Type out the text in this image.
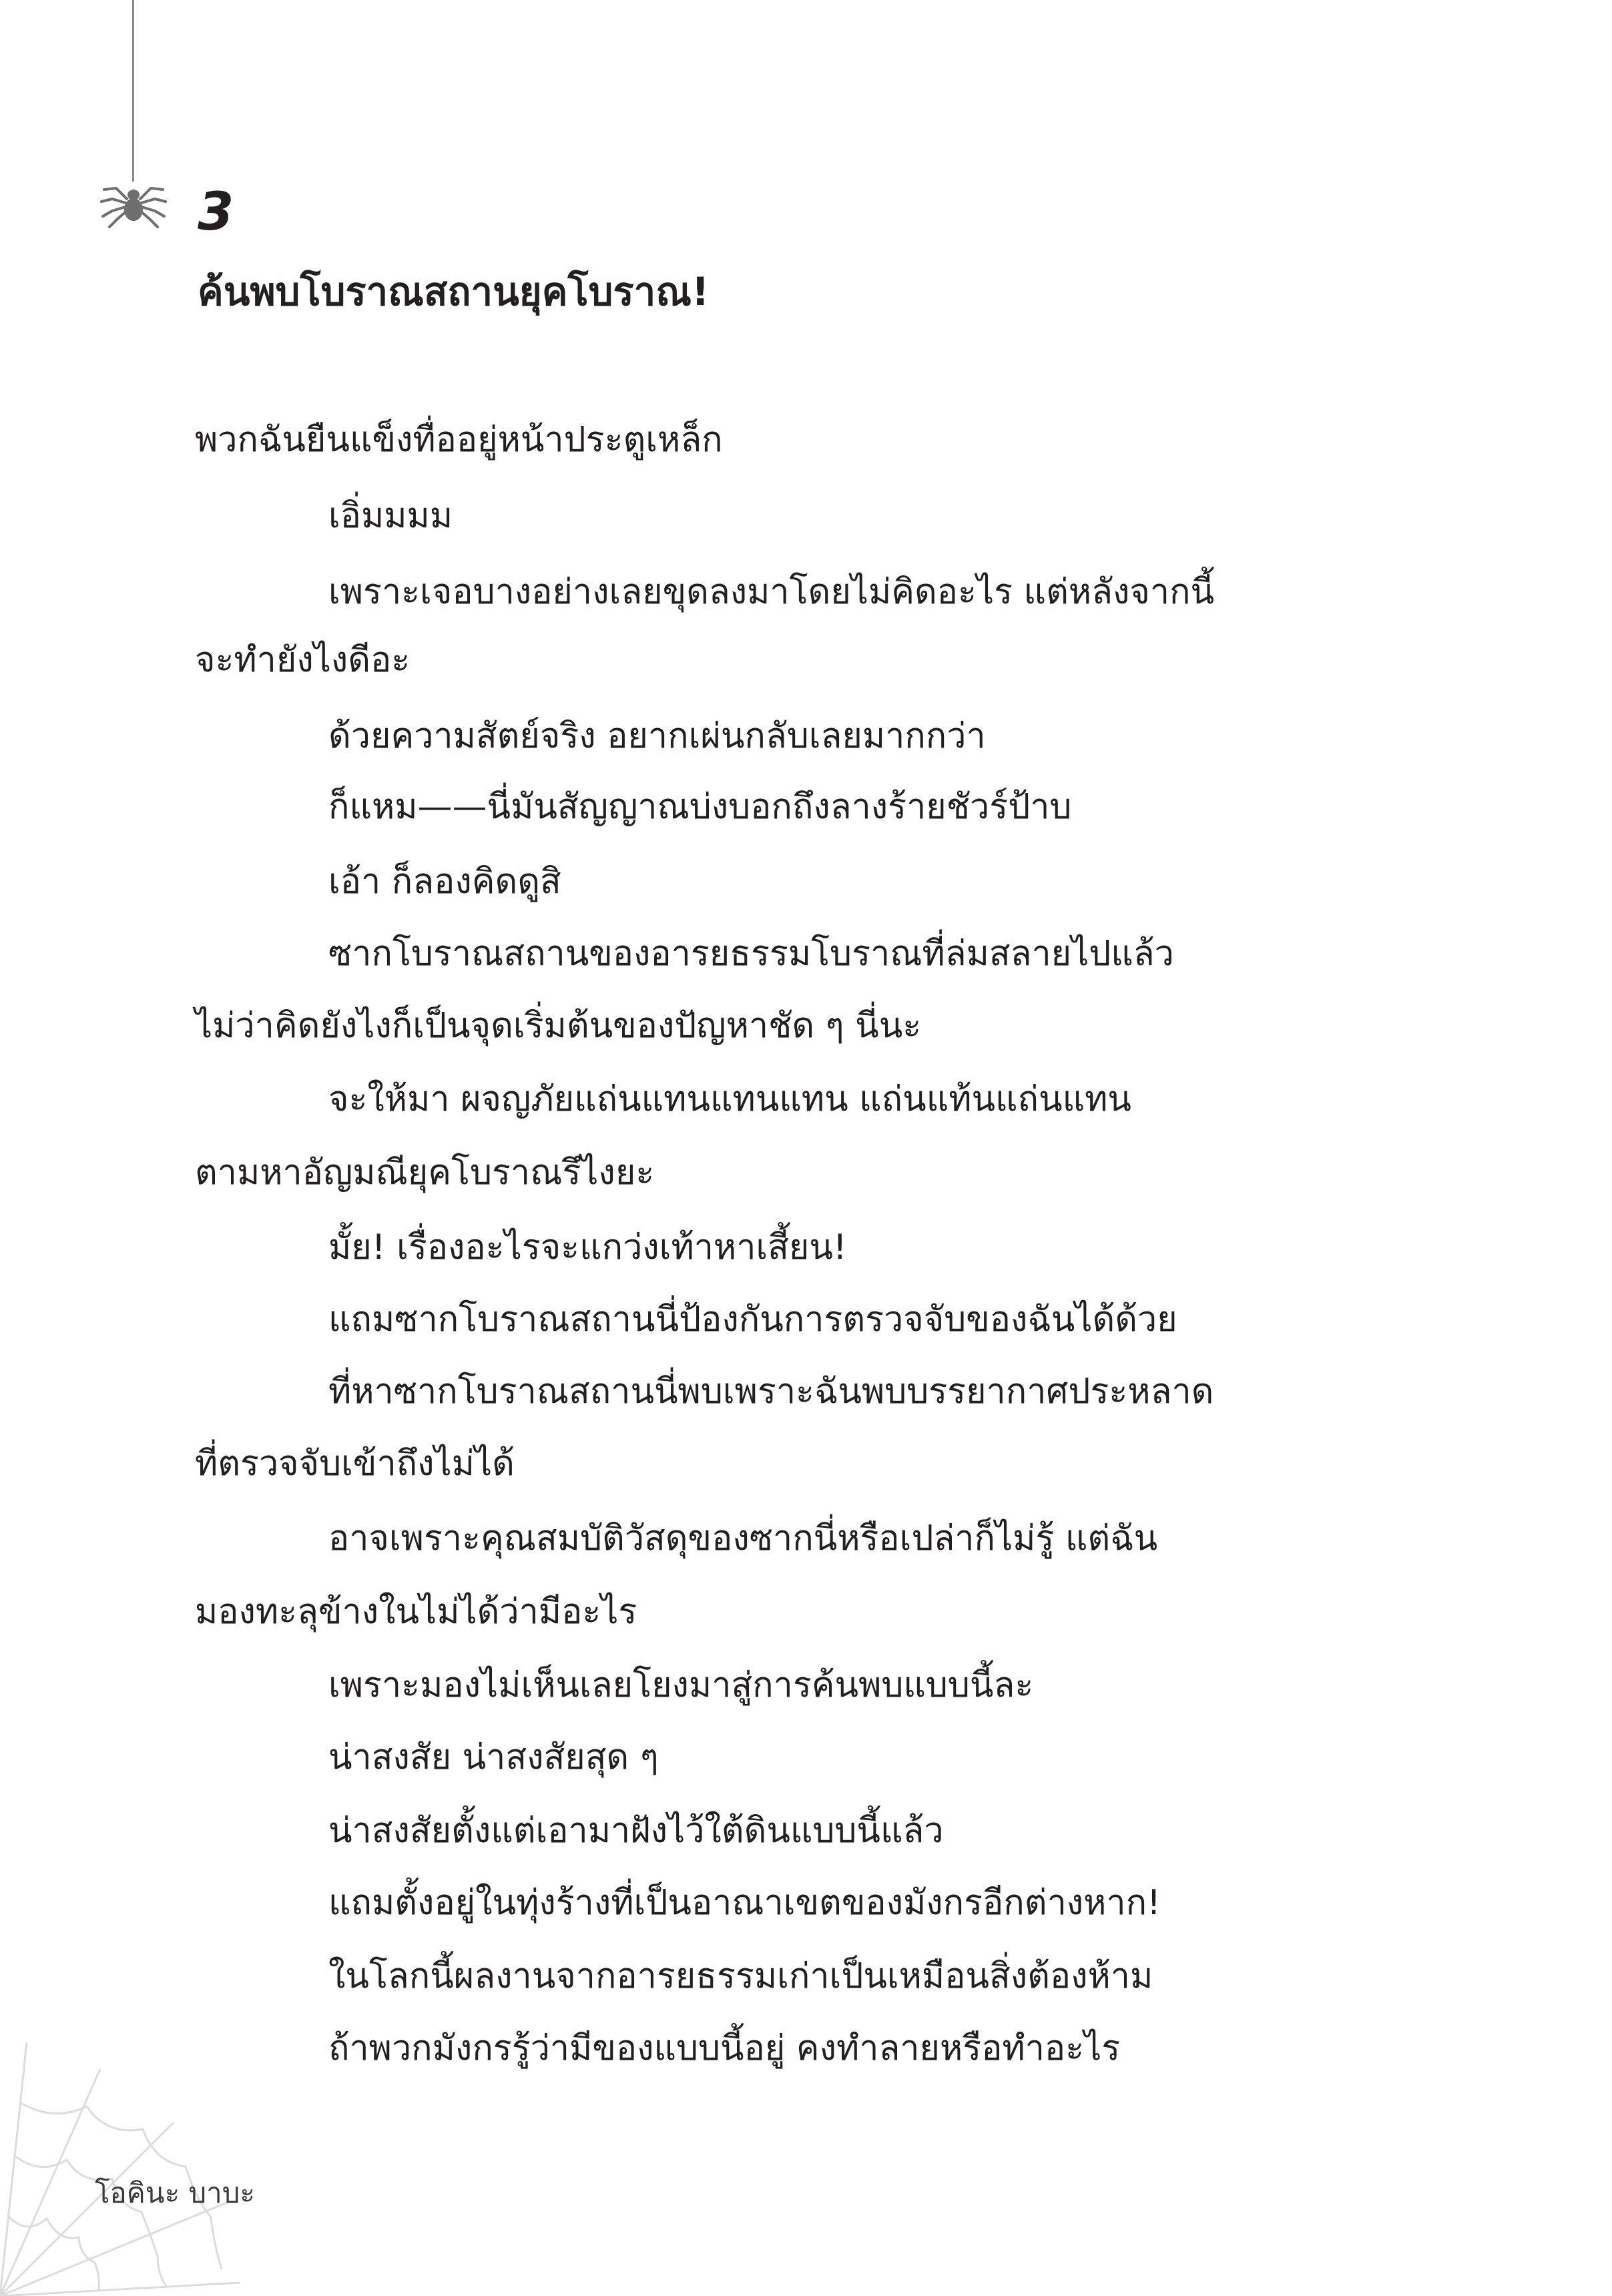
3
ค้นพบโบราณสถานยุคโบราณ!
พวกฉันยืนแข็งทื่ออยู่หน้าประตูเหล็ก
เอิ่มมมม
เพราะเจอบางอย่างเลยขุดลงมาโดยไม่คิดอะไร แต่หลังจากนี้
จะทำยังไงดีอะ
ด้วยความสัตย์จริง อยากเผ่นกลับเลยมากกว่า
ก็แหม——นี่มันสัญญาณบ่งบอกถึงลางร้ายชัวร์ป้าบ
เอ้า ก็ลองคิดดูสิ
ซากโบราณสถานของอารยธรรมโบราณที่ล่มสลายไปแล้ว
ไม่ว่าคิดยังไงก็เป็นจุดเริ่มต้นของปัญหาชัด ๆ นี่นะ
จะให้มา ผจญภัยแถ่นแทนแทนแทน แถ่นแท้นแถ่นแทน
ตามหาอัญมณียุคโบราณรึไงยะ
มั้ย! เรื่องอะไรจะแกว่งเท้าหาเสี้ยน!
แถมซากโบราณสถานนี่ป้องกันการตรวจจับของฉันได้ด้วย
ที่หาซากโบราณสถานนี่พบเพราะฉันพบบรรยากาศประหลาด
ที่ตรวจจับเข้าถึงไม่ได้
อาจเพราะคุณสมบัติวัสดุของซากนี่หรือเปล่าก็ไม่รู้ แต่ฉัน
มองทะลุข้างในไม่ได้ว่ามีอะไร
เพราะมองไม่เห็นเลยโยงมาสู่การค้นพบแบบนี้ละ
น่าสงสัย น่าสงสัยสุด ๆ
น่าสงสัยตั้งแต่เอามาฝังไว้ใต้ดินแบบนี้แล้ว
แถมตั้งอยู่ในทุ่งร้างที่เป็นอาณาเขตของมังกรอีกต่างหาก!
ในโลกนี้ผลงานจากอารยธรรมเก่าเป็นเหมือนสิ่งต้องห้าม
ถ้าพวกมังกรรู้ว่ามีของแบบนี้อยู่ คงทำลายหรือทำอะไร
โอคินะ บาบะ
